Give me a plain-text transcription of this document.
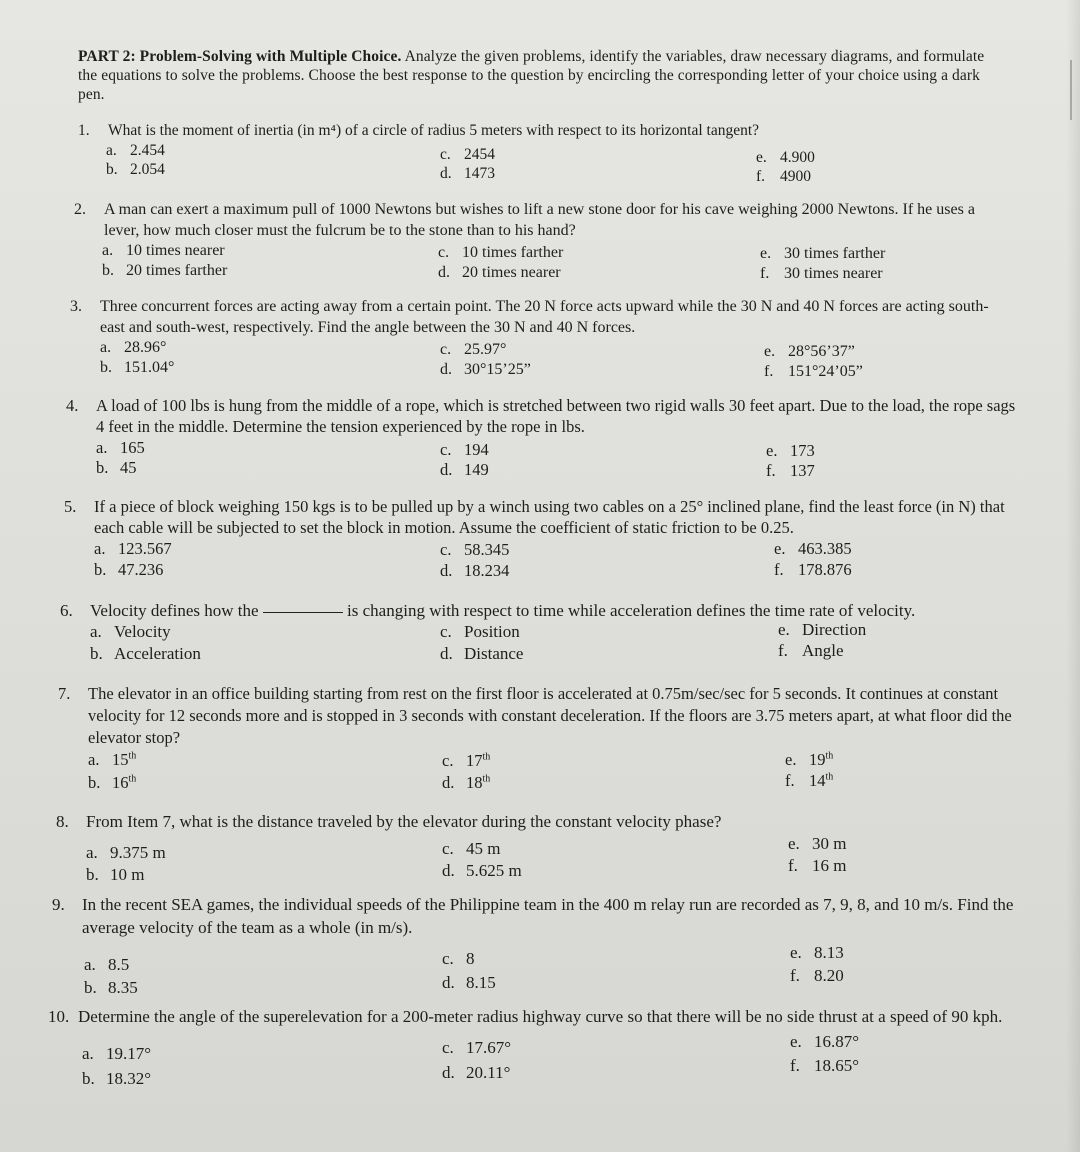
PART 2: Problem-Solving with Multiple Choice. Analyze the given problems, identify the variables, draw necessary diagrams, and formulate the equations to solve the problems. Choose the best response to the question by encircling the corresponding letter of your choice using a dark pen.
1. What is the moment of inertia (in m⁴) of a circle of radius 5 meters with respect to its horizontal tangent?
a. 2.454
b. 2.054
c. 2454
d. 1473
e. 4.900
f. 4900
2. A man can exert a maximum pull of 1000 Newtons but wishes to lift a new stone door for his cave weighing 2000 Newtons. If he uses a lever, how much closer must the fulcrum be to the stone than to his hand?
a. 10 times nearer
b. 20 times farther
c. 10 times farther
d. 20 times nearer
e. 30 times farther
f. 30 times nearer
3. Three concurrent forces are acting away from a certain point. The 20 N force acts upward while the 30 N and 40 N forces are acting south-east and south-west, respectively. Find the angle between the 30 N and 40 N forces.
a. 28.96°
b. 151.04°
c. 25.97°
d. 30°15’25”
e. 28°56’37”
f. 151°24’05”
4. A load of 100 lbs is hung from the middle of a rope, which is stretched between two rigid walls 30 feet apart. Due to the load, the rope sags 4 feet in the middle. Determine the tension experienced by the rope in lbs.
a. 165
b. 45
c. 194
d. 149
e. 173
f. 137
5. If a piece of block weighing 150 kgs is to be pulled up by a winch using two cables on a 25° inclined plane, find the least force (in N) that each cable will be subjected to set the block in motion. Assume the coefficient of static friction to be 0.25.
a. 123.567
b. 47.236
c. 58.345
d. 18.234
e. 463.385
f. 178.876
6. Velocity defines how the	is changing with respect to time while acceleration defines the time rate of velocity.
a. Velocity
b. Acceleration
c. Position
d. Distance
e. Direction
f. Angle
7. The elevator in an office building starting from rest on the first floor is accelerated at 0.75m/sec/sec for 5 seconds. It continues at constant velocity for 12 seconds more and is stopped in 3 seconds with constant deceleration. If the floors are 3.75 meters apart, at what floor did the elevator stop?
a. 15th
b. 16th
c. 17th
d. 18th
e. 19th
f. 14th
8. From Item 7, what is the distance traveled by the elevator during the constant velocity phase?
a. 9.375 m
b. 10 m
c. 45 m
d. 5.625 m
e. 30 m
f. 16 m
9. In the recent SEA games, the individual speeds of the Philippine team in the 400 m relay run are recorded as 7, 9, 8, and 10 m/s. Find the average velocity of the team as a whole (in m/s).
a. 8.5
b. 8.35
c. 8
d. 8.15
e. 8.13
f. 8.20
10. Determine the angle of the superelevation for a 200-meter radius highway curve so that there will be no side thrust at a speed of 90 kph.
a. 19.17°
b. 18.32°
c. 17.67°
d. 20.11°
e. 16.87°
f. 18.65°
